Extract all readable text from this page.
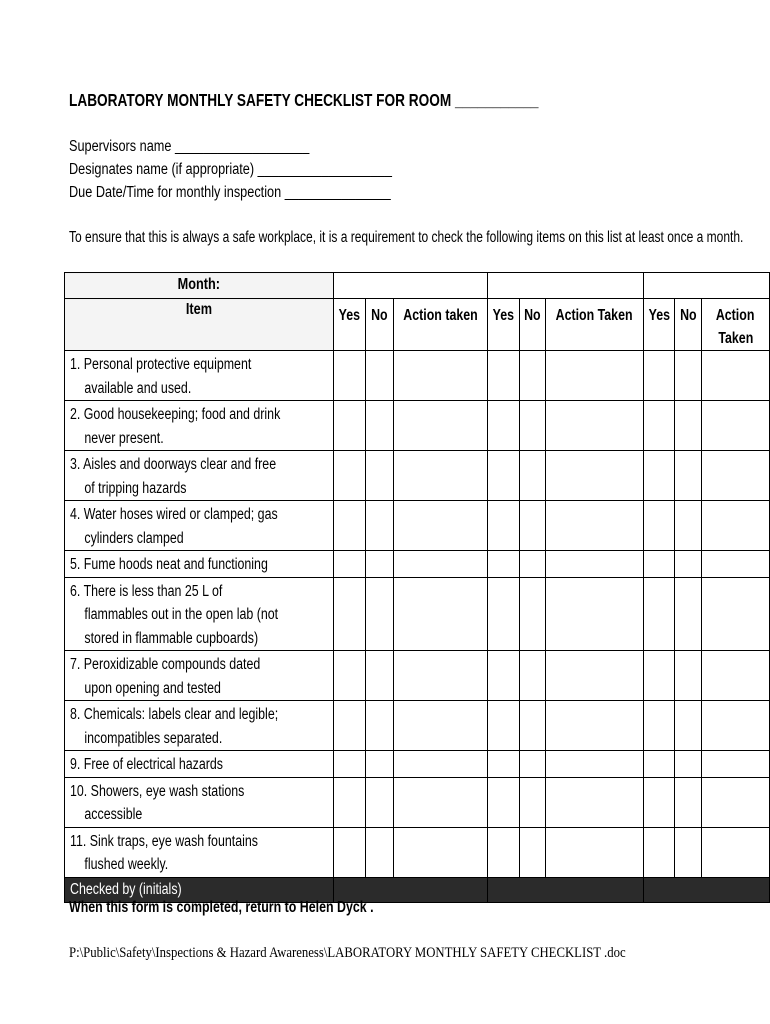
LABORATORY MONTHLY SAFETY CHECKLIST FOR ROOM ___________
Supervisors name ___________________
Designates name (if appropriate) ___________________
Due Date/Time for monthly inspection _______________
To ensure that this is always a safe workplace, it is a requirement to check the following items on this list at least once a month.
Month:									
Item	Yes	No	Action taken	Yes	No	Action Taken	Yes	No	Action
Taken

1. Personal protective equipment
available and used.									

2. Good housekeeping; food and drink
never present.									

3. Aisles and doorways clear and free
of tripping hazards									

4. Water hoses wired or clamped; gas
cylinders clamped									

5. Fume hoods neat and functioning									

6. There is less than 25 L of
flammables out in the open lab (not
stored in flammable cupboards)									

7. Peroxidizable compounds dated
upon opening and tested									

8. Chemicals: labels clear and legible;
incompatibles separated.									

9. Free of electrical hazards									

10. Showers, eye wash stations
accessible									

11. Sink traps, eye wash fountains
flushed weekly.									

Checked by (initials)									
When this form is completed, return to Helen Dyck .
P:\Public\Safety\Inspections & Hazard Awareness\LABORATORY MONTHLY SAFETY CHECKLIST .doc
